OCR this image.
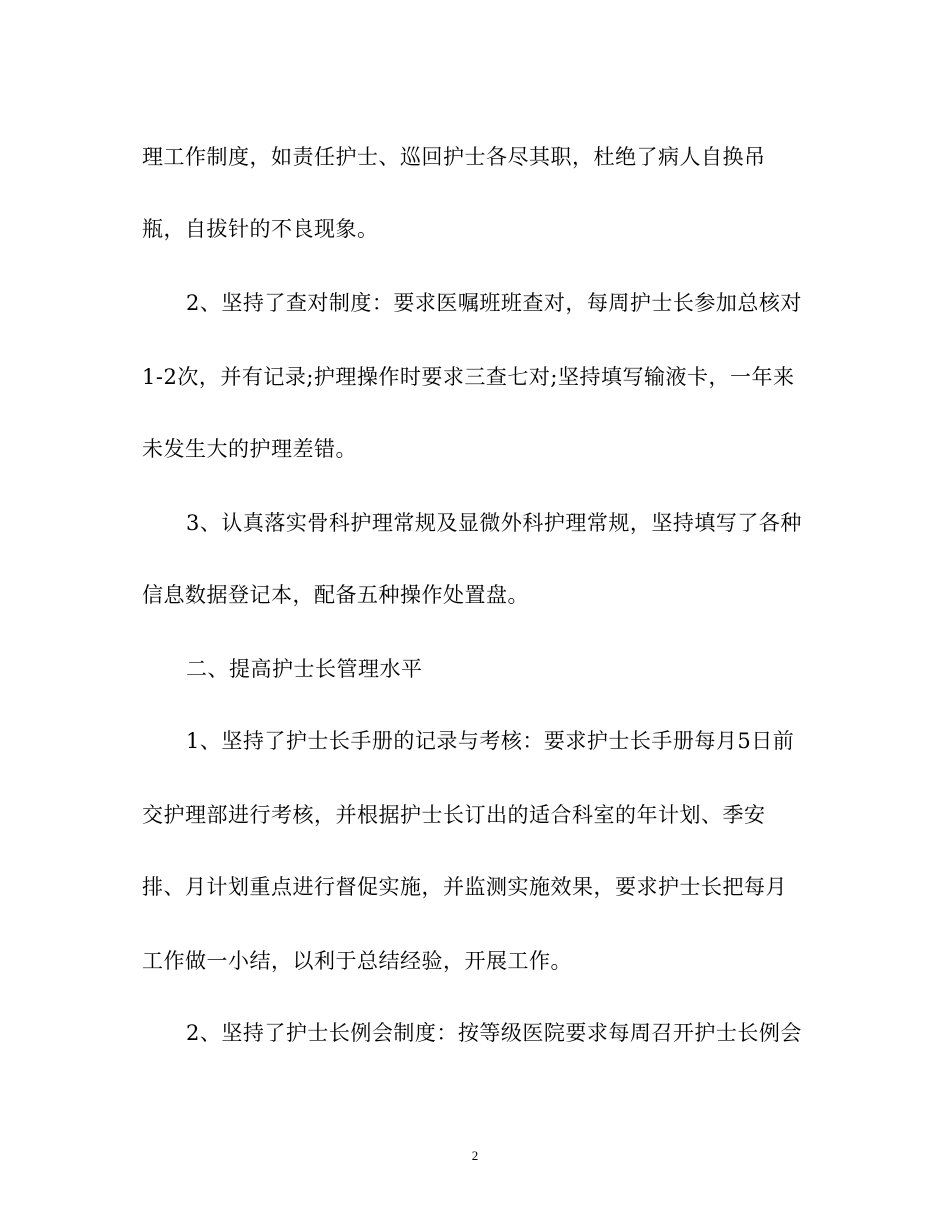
理工作制度，如责任护士、巡回护士各尽其职，杜绝了病人自换吊
瓶，自拔针的不良现象。
2、坚持了查对制度：要求医嘱班班查对，每周护士长参加总核对
1-2次，并有记录;护理操作时要求三查七对;坚持填写输液卡，一年来
未发生大的护理差错。
3、认真落实骨科护理常规及显微外科护理常规，坚持填写了各种
信息数据登记本，配备五种操作处置盘。
二、提高护士长管理水平
1、坚持了护士长手册的记录与考核：要求护士长手册每月5日前
交护理部进行考核，并根据护士长订出的适合科室的年计划、季安
排、月计划重点进行督促实施，并监测实施效果，要求护士长把每月
工作做一小结，以利于总结经验，开展工作。
2、坚持了护士长例会制度：按等级医院要求每周召开护士长例会
2
